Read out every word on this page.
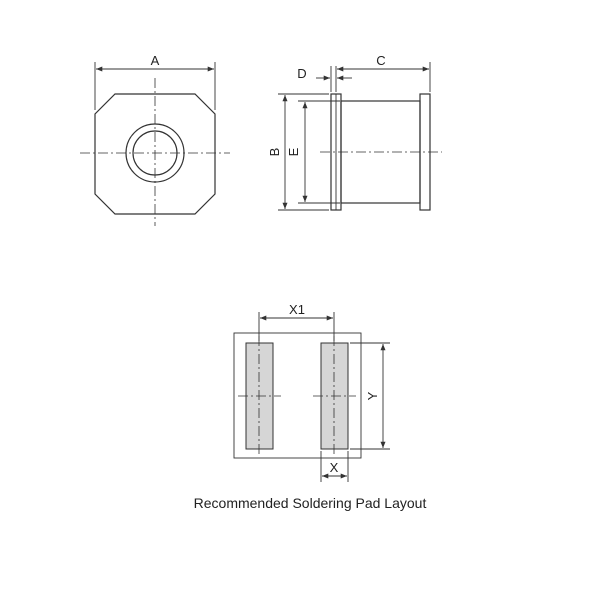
A
D
C
B E
X1
Y
X
Recommended Soldering Pad Layout
